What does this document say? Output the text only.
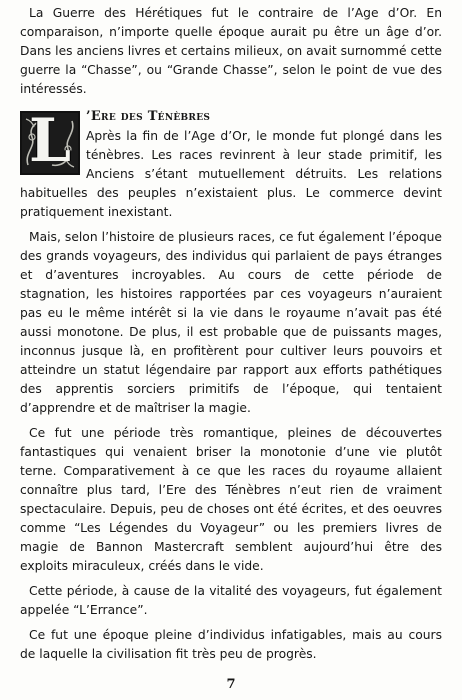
La Guerre des Hérétiques fut le contraire de l’Age d’Or. En comparaison, n’importe quelle époque aurait pu être un âge d’or. Dans les anciens livres et certains milieux, on avait surnommé cette guerre la “Chasse”, ou “Grande Chasse”, selon le point de vue des intéressés.

L	’Ere des Ténèbres

Après la fin de l’Age d’Or, le monde fut plongé dans les ténèbres. Les races revinrent à leur stade primitif, les Anciens s’étant mutuellement détruits. Les relations habituelles des peuples n’existaient plus. Le commerce devint pratiquement inexistant.

Mais, selon l’histoire de plusieurs races, ce fut également l’époque des grands voyageurs, des individus qui parlaient de pays étranges et d’aventures incroyables. Au cours de cette période de stagnation, les histoires rapportées par ces voyageurs n’auraient pas eu le même intérêt si la vie dans le royaume n’avait pas été aussi monotone. De plus, il est probable que de puissants mages, inconnus jusque là, en profitèrent pour cultiver leurs pouvoirs et atteindre un statut légendaire par rapport aux efforts pathétiques des apprentis sorciers primitifs de l’époque, qui tentaient d’apprendre et de maîtriser la magie.

Ce fut une période très romantique, pleines de découvertes fantastiques qui venaient briser la monotonie d’une vie plutôt terne. Comparativement à ce que les races du royaume allaient connaître plus tard, l’Ere des Ténèbres n’eut rien de vraiment spectaculaire. Depuis, peu de choses ont été écrites, et des oeuvres comme “Les Légendes du Voyageur” ou les premiers livres de magie de Bannon Mastercraft semblent aujourd’hui être des exploits miraculeux, créés dans le vide.

Cette période, à cause de la vitalité des voyageurs, fut également appelée “L’Errance”.

Ce fut une époque pleine d’individus infatigables, mais au cours de laquelle la civilisation fit très peu de progrès.

7
